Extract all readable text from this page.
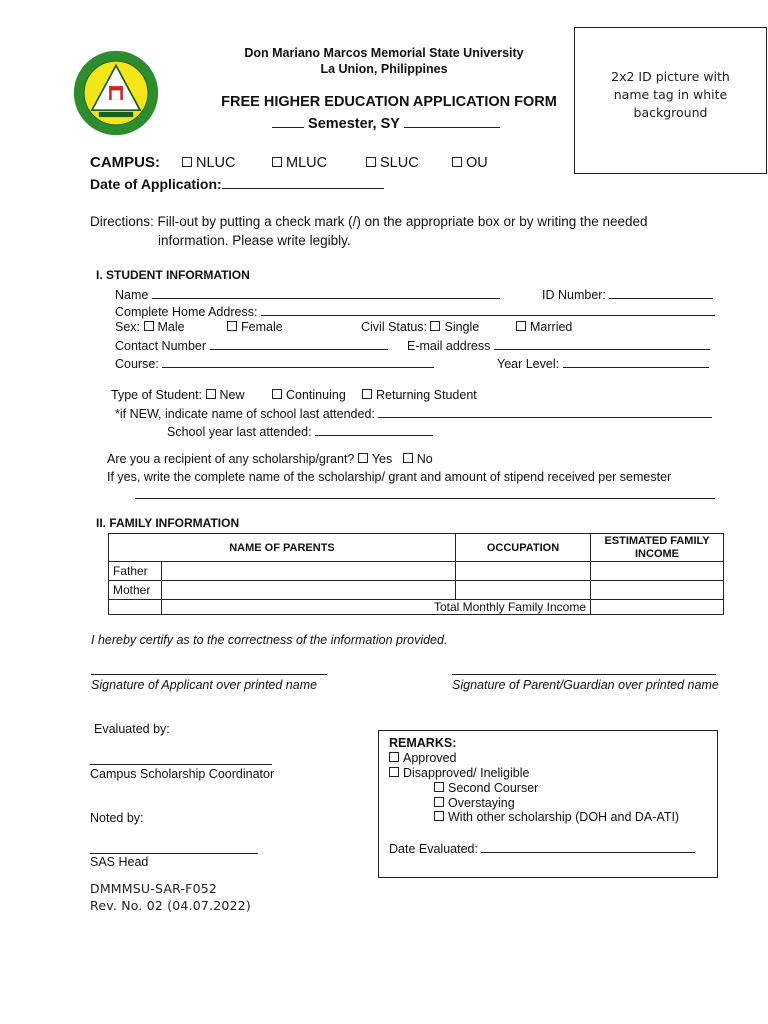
Don Mariano Marcos Memorial State University
La Union, Philippines
FREE HIGHER EDUCATION APPLICATION FORM
Semester, SY
2x2 ID picture with name tag in white background
CAMPUS:	NLUC	MLUC	SLUC	OU
Date of Application:
Directions: Fill-out by putting a check mark (/) on the appropriate box or by writing the needed
information. Please write legibly.
I. STUDENT INFORMATION
Name	ID Number:
Complete Home Address:
Sex: Male	Female	Civil Status: Single	Married
Contact Number	E-mail address
Course:	Year Level:
Type of Student: New	Continuing	Returning Student
*if NEW, indicate name of school last attended:
School year last attended:
Are you a recipient of any scholarship/grant? Yes No
If yes, write the complete name of the scholarship/ grant and amount of stipend received per semester
II. FAMILY INFORMATION
NAME OF PARENTS		OCCUPATION	ESTIMATED FAMILY
INCOME
Father			
Mother			
	Total Monthly Family Income		
I hereby certify as to the correctness of the information provided.
Signature of Applicant over printed name	Signature of Parent/Guardian over printed name
Evaluated by:
Campus Scholarship Coordinator
Noted by:
SAS Head
REMARKS:
Approved
Disapproved/ Ineligible
Second Courser
Overstaying
With other scholarship (DOH and DA-ATI)
Date Evaluated:
DMMMSU-SAR-F052
Rev. No. 02 (04.07.2022)
